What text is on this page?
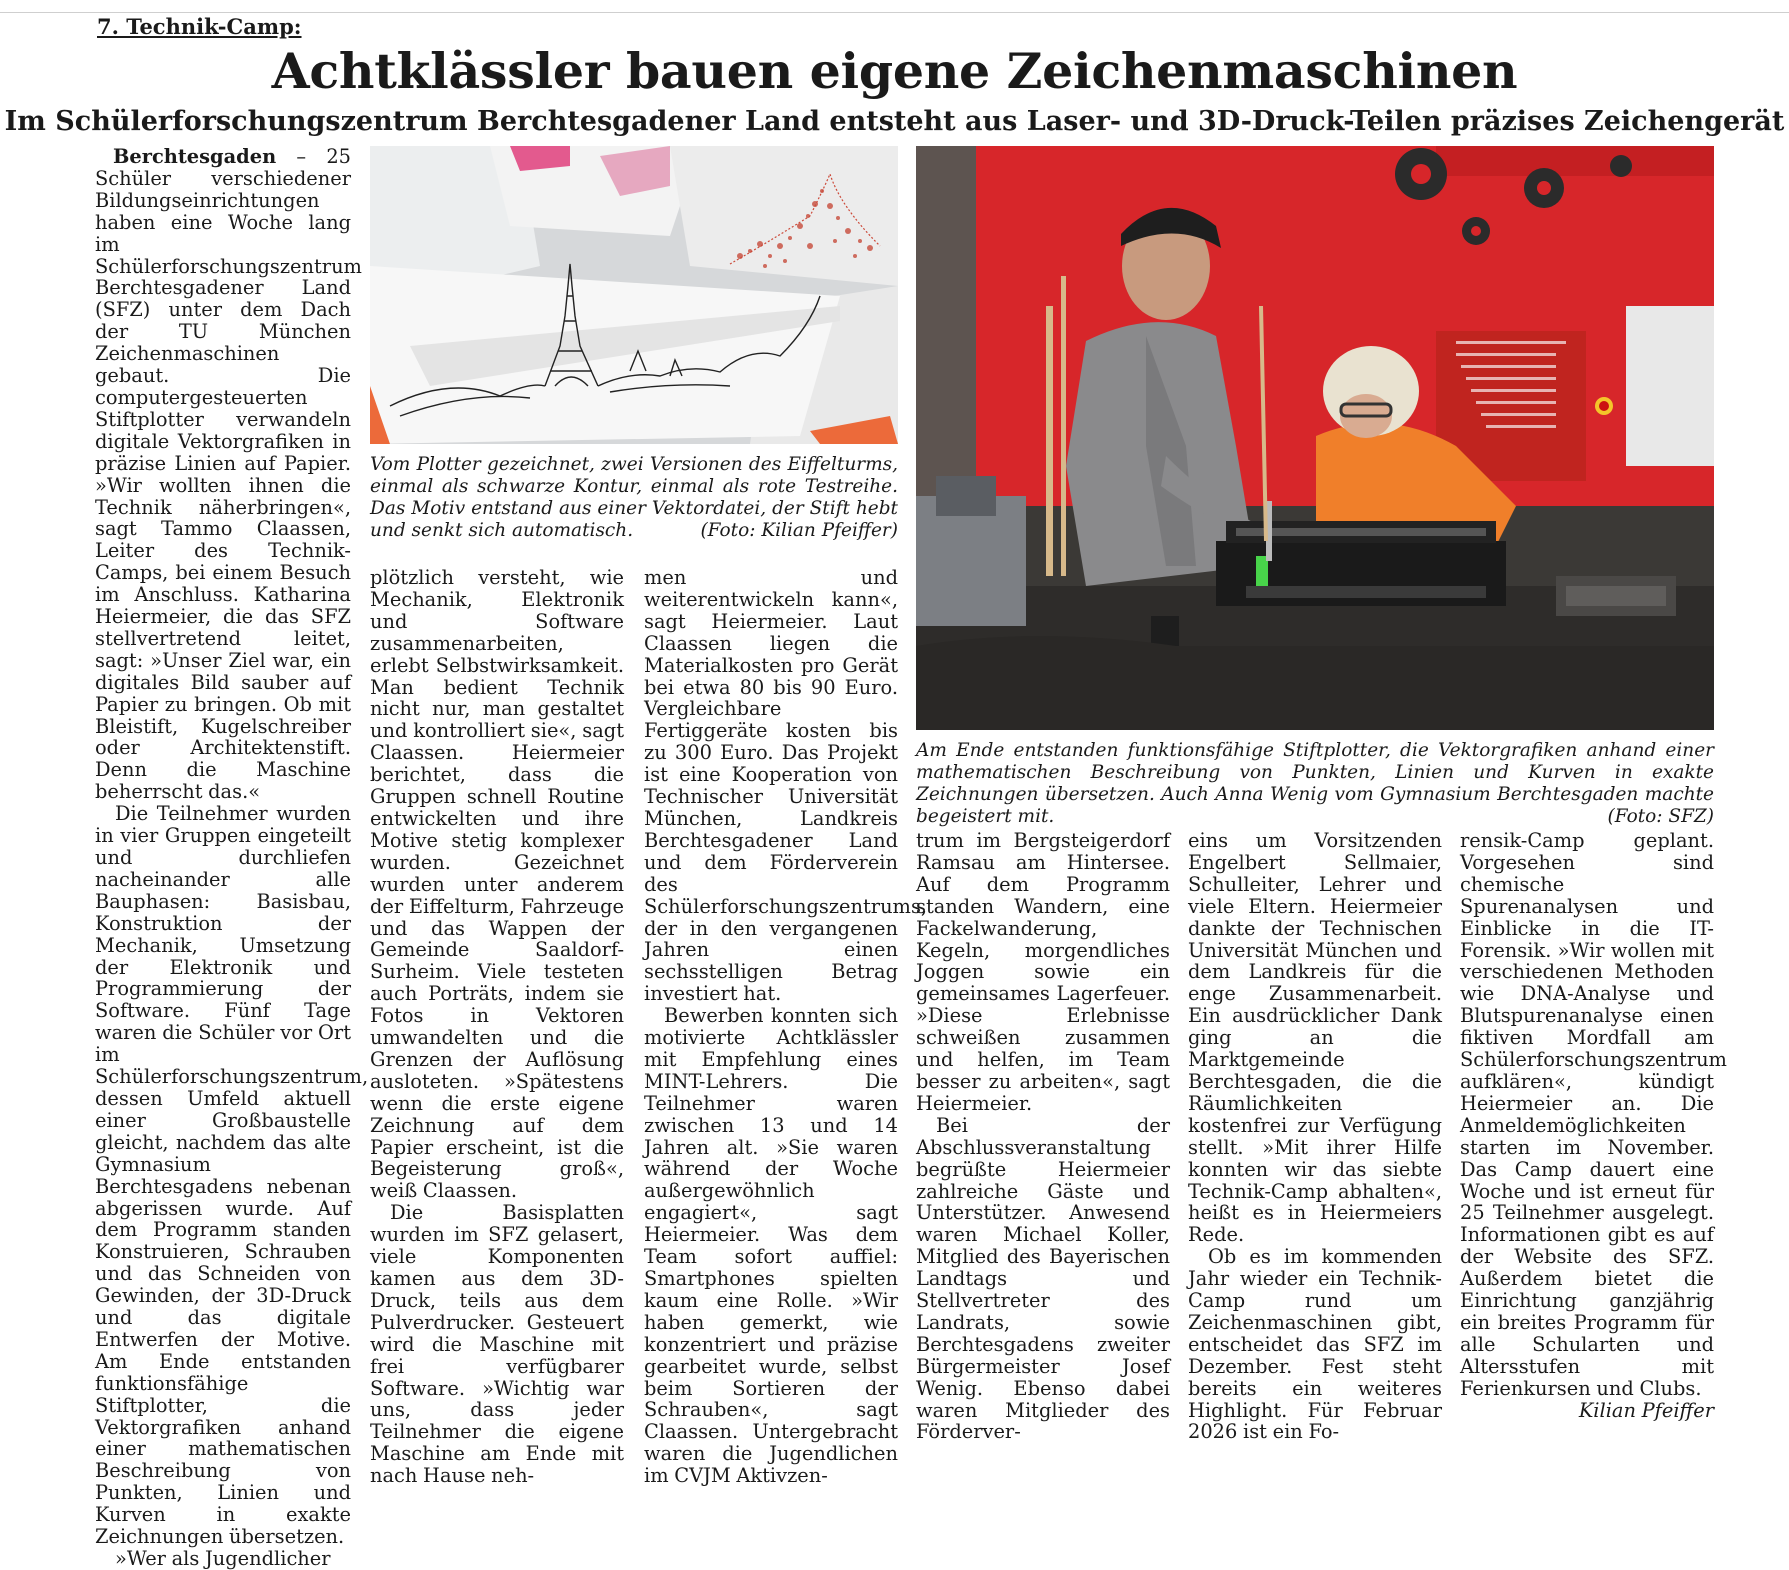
7. Technik-Camp:
Achtklässler bauen eigene Zeichenmaschinen
Im Schülerforschungszentrum Berchtesgadener Land entsteht aus Laser- und 3D-Druck-Teilen präzises Zeichengerät

Berchtesgaden – 25 Schüler verschiedener Bildungseinrichtungen haben eine Woche lang im Schülerforschungszentrum Berchtesgadener Land (SFZ) unter dem Dach der TU München Zeichenmaschinen gebaut. Die computergesteuerten Stiftplotter verwandeln digitale Vektorgrafiken in präzise Linien auf Papier. »Wir wollten ihnen die Technik näherbringen«, sagt Tammo Claassen, Leiter des Technik-Camps, bei einem Besuch im Anschluss. Katharina Heiermeier, die das SFZ stellvertretend leitet, sagt: »Unser Ziel war, ein digitales Bild sauber auf Papier zu bringen. Ob mit Bleistift, Kugelschreiber oder Architektenstift. Denn die Maschine beherrscht das.«

Die Teilnehmer wurden in vier Gruppen eingeteilt und durchliefen nacheinander alle Bauphasen: Basisbau, Konstruktion der Mechanik, Umsetzung der Elektronik und Programmierung der Software. Fünf Tage waren die Schüler vor Ort im Schülerforschungszentrum, dessen Umfeld aktuell einer Großbaustelle gleicht, nachdem das alte Gymnasium Berchtesgadens nebenan abgerissen wurde. Auf dem Programm standen Konstruieren, Schrauben und das Schneiden von Gewinden, der 3D-Druck und das digitale Entwerfen der Motive. Am Ende entstanden funktionsfähige Stiftplotter, die Vektorgrafiken anhand einer mathematischen Beschreibung von Punkten, Linien und Kurven in exakte Zeichnungen übersetzen.

»Wer als Jugendlicher

Vom Plotter gezeichnet, zwei Versionen des Eiffelturms, einmal als schwarze Kontur, einmal als rote Testreihe. Das Motiv entstand aus einer Vektordatei, der Stift hebt und senkt sich automatisch.	(Foto: Kilian Pfeiffer)
Am Ende entstanden funktionsfähige Stiftplotter, die Vektorgrafiken anhand einer mathematischen Beschreibung von Punkten, Linien und Kurven in exakte Zeichnungen übersetzen. Auch Anna Wenig vom Gymnasium Berchtesgaden machte begeistert mit.	(Foto: SFZ)

plötzlich versteht, wie Mechanik, Elektronik und Software zusammenarbeiten, erlebt Selbstwirksamkeit. Man bedient Technik nicht nur, man gestaltet und kontrolliert sie«, sagt Claassen. Heiermeier berichtet, dass die Gruppen schnell Routine entwickelten und ihre Motive stetig komplexer wurden. Gezeichnet wurden unter anderem der Eiffelturm, Fahrzeuge und das Wappen der Gemeinde Saaldorf-Surheim. Viele testeten auch Porträts, indem sie Fotos in Vektoren umwandelten und die Grenzen der Auflösung ausloteten. »Spätestens wenn die erste eigene Zeichnung auf dem Papier erscheint, ist die Begeisterung groß«, weiß Claassen.

Die Basisplatten wurden im SFZ gelasert, viele Komponenten kamen aus dem 3D-Druck, teils aus dem Pulverdrucker. Gesteuert wird die Maschine mit frei verfügbarer Software. »Wichtig war uns, dass jeder Teilnehmer die eigene Maschine am Ende mit nach Hause neh-

men und weiterentwickeln kann«, sagt Heiermeier. Laut Claassen liegen die Materialkosten pro Gerät bei etwa 80 bis 90 Euro. Vergleichbare Fertiggeräte kosten bis zu 300 Euro. Das Projekt ist eine Kooperation von Technischer Universität München, Landkreis Berchtesgadener Land und dem Förderverein des Schülerforschungszentrums, der in den vergangenen Jahren einen sechsstelligen Betrag investiert hat.

Bewerben konnten sich motivierte Achtklässler mit Empfehlung eines MINT-Lehrers. Die Teilnehmer waren zwischen 13 und 14 Jahren alt. »Sie waren während der Woche außergewöhnlich engagiert«, sagt Heiermeier. Was dem Team sofort auffiel: Smartphones spielten kaum eine Rolle. »Wir haben gemerkt, wie konzentriert und präzise gearbeitet wurde, selbst beim Sortieren der Schrauben«, sagt Claassen. Untergebracht waren die Jugendlichen im CVJM Aktivzen-

trum im Bergsteigerdorf Ramsau am Hintersee. Auf dem Programm standen Wandern, eine Fackelwanderung, Kegeln, morgendliches Joggen sowie ein gemeinsames Lagerfeuer. »Diese Erlebnisse schweißen zusammen und helfen, im Team besser zu arbeiten«, sagt Heiermeier.

Bei der Abschlussveranstaltung begrüßte Heiermeier zahlreiche Gäste und Unterstützer. Anwesend waren Michael Koller, Mitglied des Bayerischen Landtags und Stellvertreter des Landrats, sowie Berchtesgadens zweiter Bürgermeister Josef Wenig. Ebenso dabei waren Mitglieder des Förderver-

eins um Vorsitzenden Engelbert Sellmaier, Schulleiter, Lehrer und viele Eltern. Heiermeier dankte der Technischen Universität München und dem Landkreis für die enge Zusammenarbeit. Ein ausdrücklicher Dank ging an die Marktgemeinde Berchtesgaden, die die Räumlichkeiten kostenfrei zur Verfügung stellt. »Mit ihrer Hilfe konnten wir das siebte Technik-Camp abhalten«, heißt es in Heiermeiers Rede.

Ob es im kommenden Jahr wieder ein Technik-Camp rund um Zeichenmaschinen gibt, entscheidet das SFZ im Dezember. Fest steht bereits ein weiteres Highlight. Für Februar 2026 ist ein Fo-

rensik-Camp geplant. Vorgesehen sind chemische Spurenanalysen und Einblicke in die IT-Forensik. »Wir wollen mit verschiedenen Methoden wie DNA-Analyse und Blutspurenanalyse einen fiktiven Mordfall am Schülerforschungszentrum aufklären«, kündigt Heiermeier an. Die Anmeldemöglichkeiten starten im November. Das Camp dauert eine Woche und ist erneut für 25 Teilnehmer ausgelegt. Informationen gibt es auf der Website des SFZ. Außerdem bietet die Einrichtung ganzjährig ein breites Programm für alle Schularten und Altersstufen mit Ferienkursen und Clubs.
Kilian Pfeiffer
